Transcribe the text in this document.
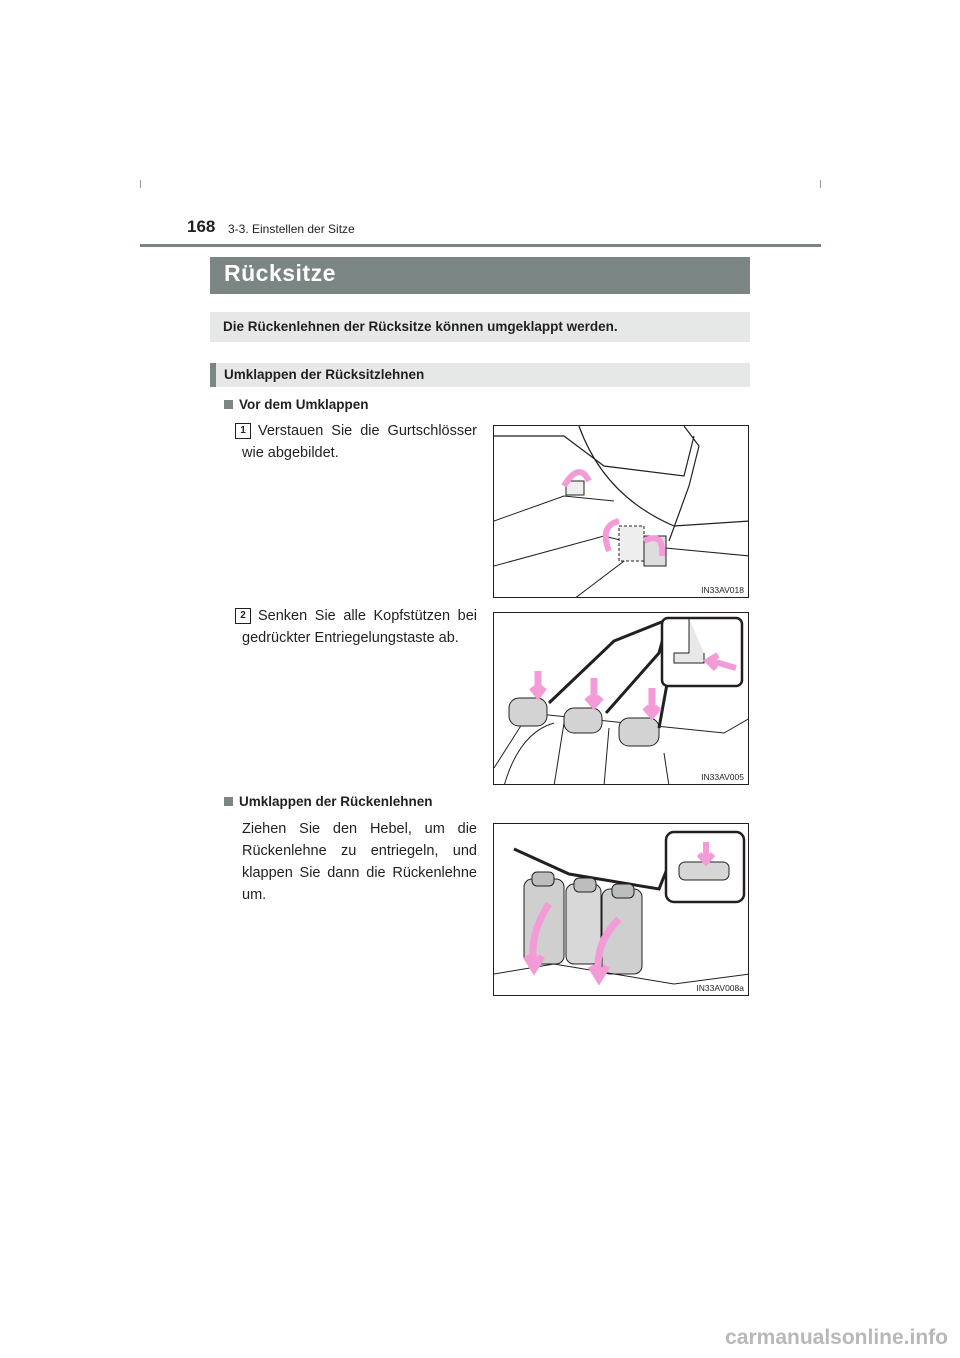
168 3-3. Einstellen der Sitze
Rücksitze
Die Rückenlehnen der Rücksitze können umgeklappt werden.
Umklappen der Rücksitzlehnen
Vor dem Umklappen
1 Verstauen Sie die Gurtschlösser wie abgebildet.
IN33AV018
2 Senken Sie alle Kopfstützen bei gedrückter Entriegelungstaste ab.
IN33AV005
Umklappen der Rückenlehnen
Ziehen Sie den Hebel, um die Rückenlehne zu entriegeln, und klappen Sie dann die Rückenlehne um.
IN33AV008a
carmanualsonline.info
